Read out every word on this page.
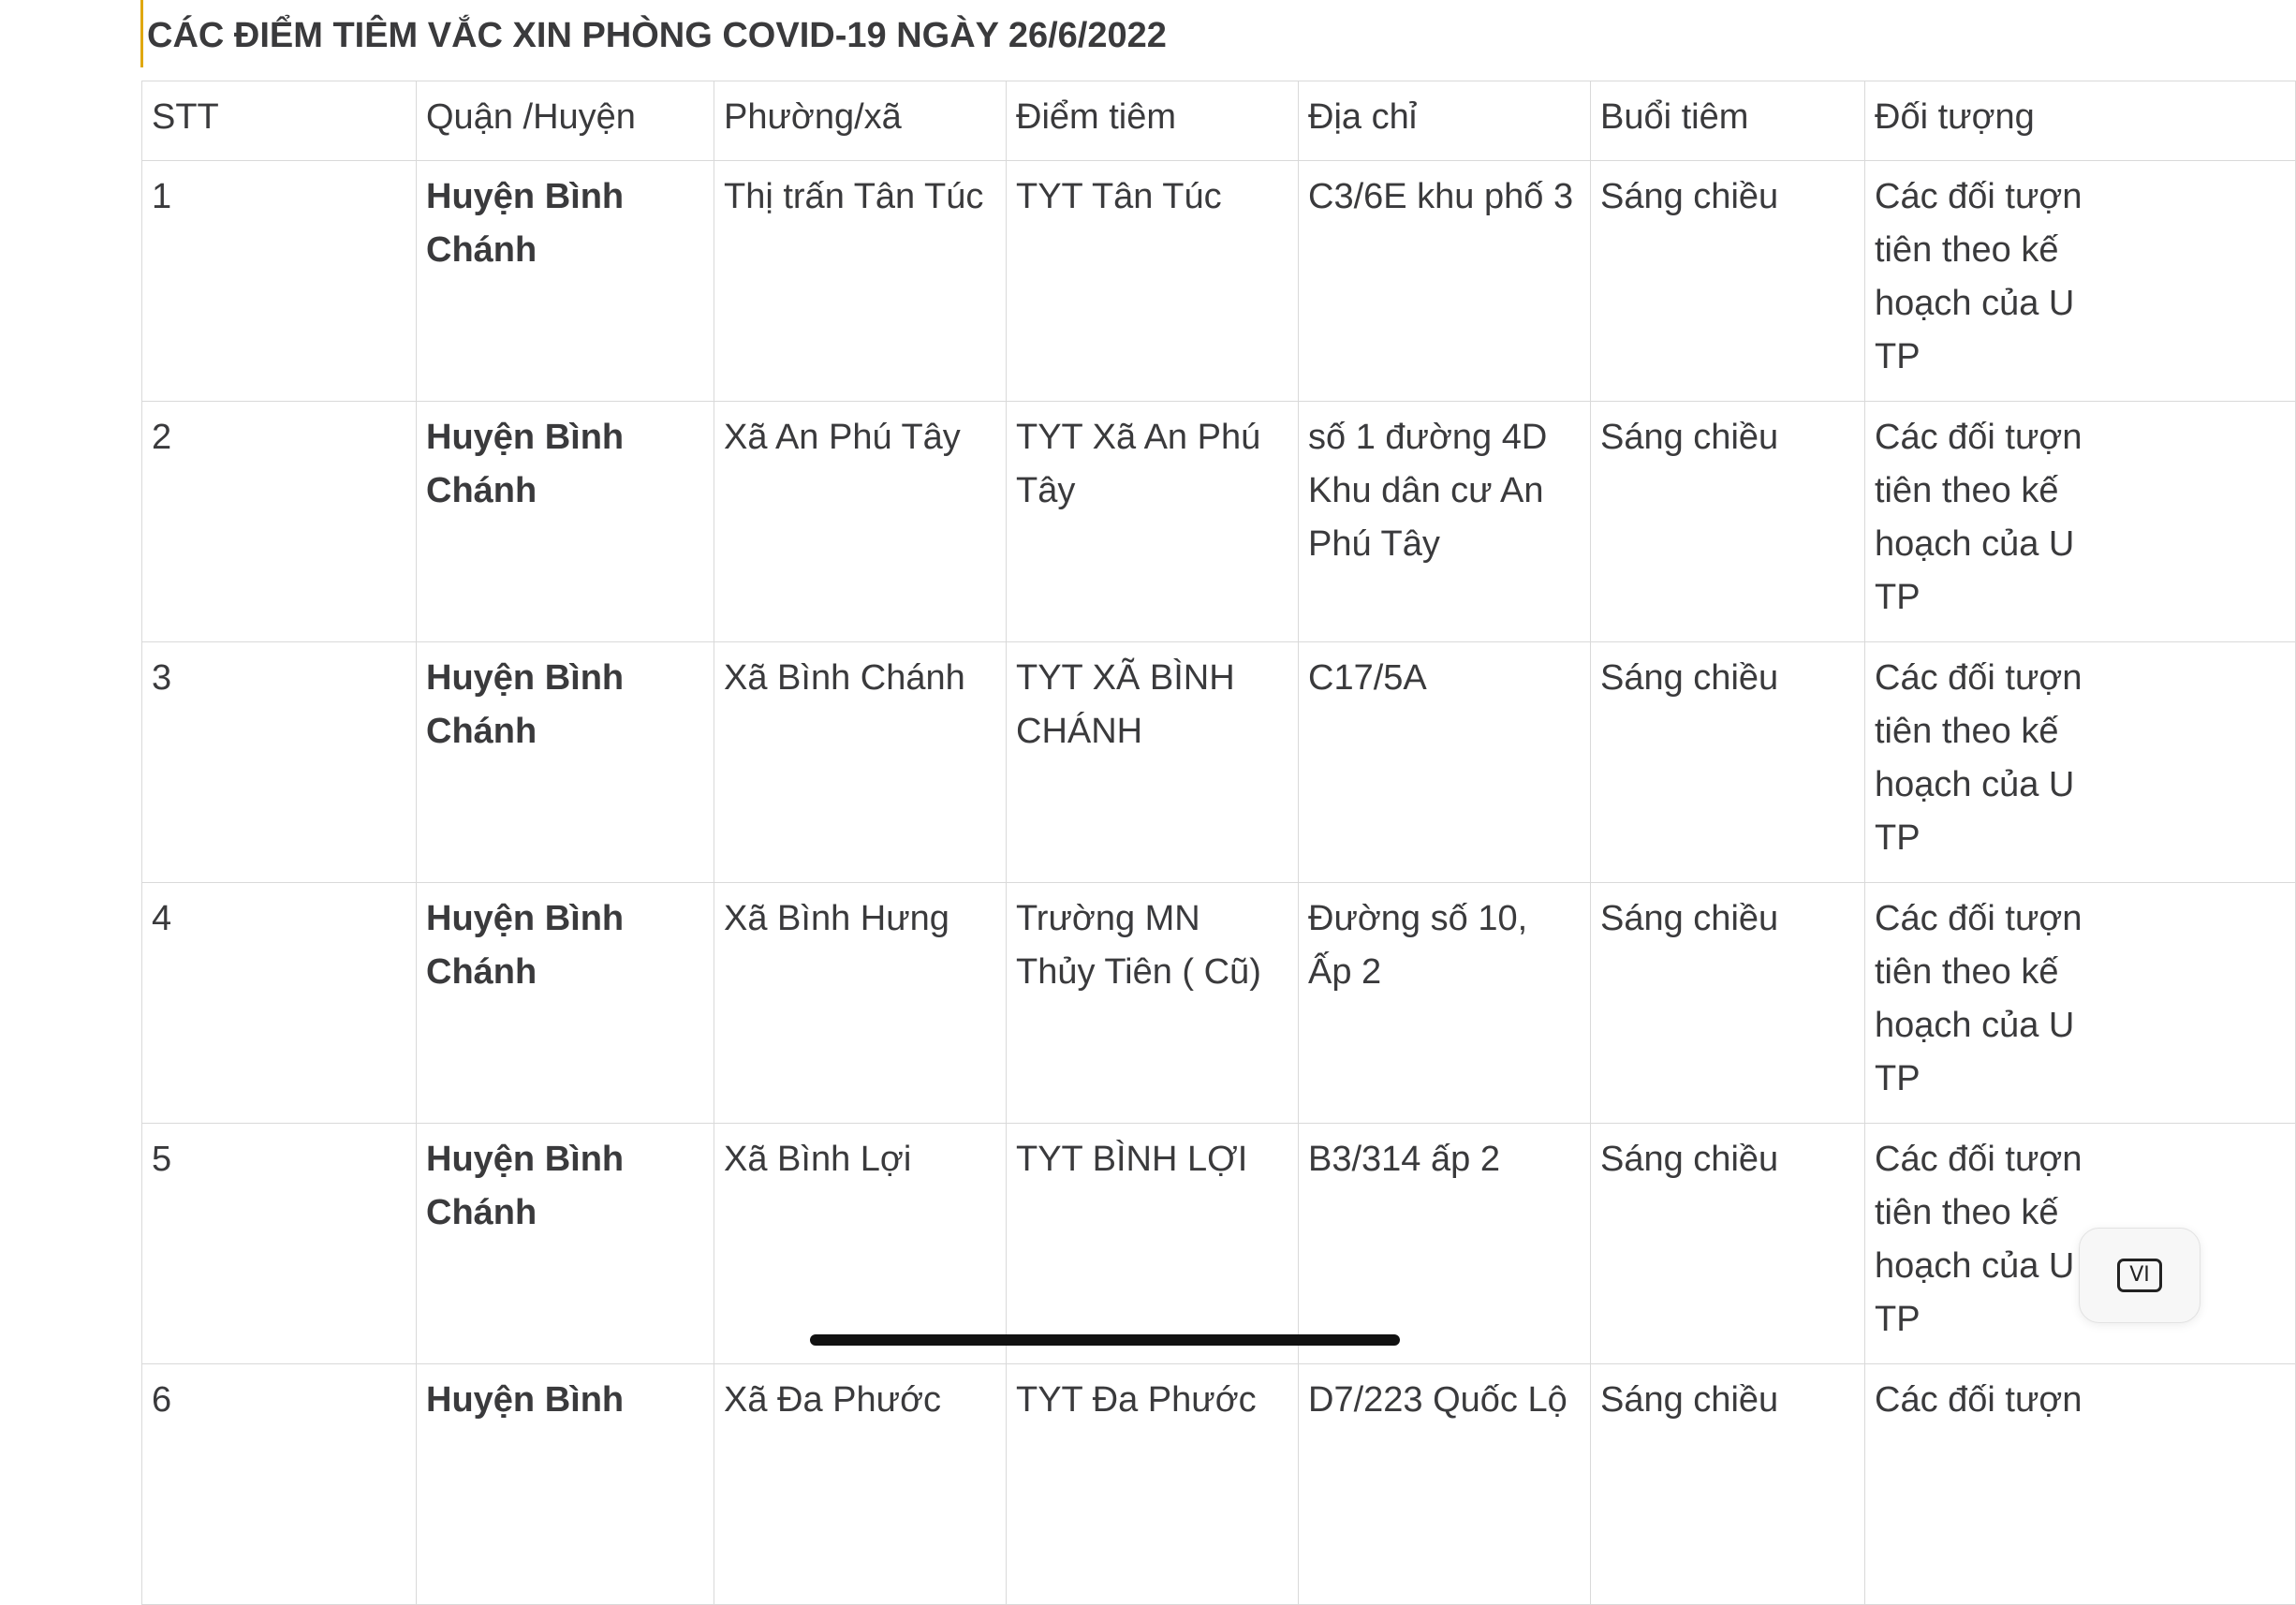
CÁC ĐIỂM TIÊM VẮC XIN PHÒNG COVID-19 NGÀY 26/6/2022
STT	Quận /Huyện	Phường/xã	Điểm tiêm	Địa chỉ	Buổi tiêm	Đối tượng
1	Huyện Bình Chánh	Thị trấn Tân Túc	TYT Tân Túc	C3/6E khu phố 3	Sáng chiều	Các đối tượn
tiên theo kế
hoạch của U
TP

2	Huyện Bình Chánh	Xã An Phú Tây	TYT Xã An Phú Tây	số 1 đường 4D Khu dân cư An Phú Tây	Sáng chiều	Các đối tượn
tiên theo kế
hoạch của U
TP

3	Huyện Bình Chánh	Xã Bình Chánh	TYT XÃ BÌNH CHÁNH	C17/5A	Sáng chiều	Các đối tượn
tiên theo kế
hoạch của U
TP

4	Huyện Bình Chánh	Xã Bình Hưng	Trường MN Thủy Tiên ( Cũ)	Đường số 10, Ấp 2	Sáng chiều	Các đối tượn
tiên theo kế
hoạch của U
TP

5	Huyện Bình Chánh	Xã Bình Lợi	TYT BÌNH LỢI	B3/314 ấp 2	Sáng chiều	Các đối tượn
tiên theo kế
hoạch của U
TP

6	Huyện Bình	Xã Đa Phước	TYT Đa Phước	D7/223 Quốc Lộ	Sáng chiều	Các đối tượn
VI
